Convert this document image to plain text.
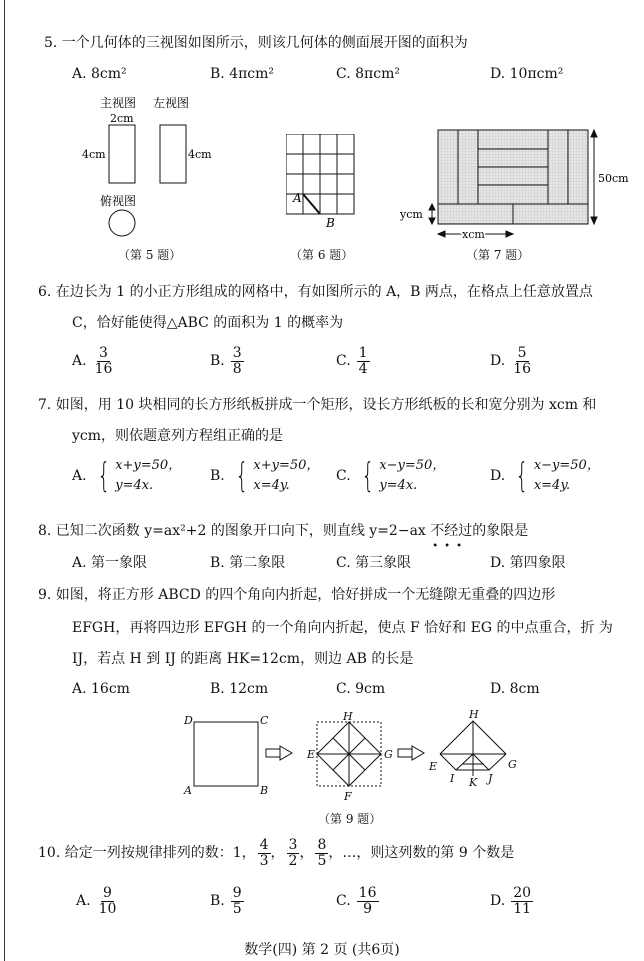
5. 一个几何体的三视图如图所示，则该几何体的侧面展开图的面积为
A. 8cm²	B. 4πcm²	C. 8πcm²	D. 10πcm²
主视图 左视图
2cm
4cm	4cm
俯视图
（第 5 题）
A
B
（第 6 题）
50cm
ycm
xcm
（第 7 题）
6. 在边长为 1 的小正方形组成的网格中，有如图所示的 A，B 两点，在格点上任意放置点
C，恰好能使得△ABC 的面积为 1 的概率为
A. $\frac{3}{16}$	B. $\frac{3}{8}$	C. $\frac{1}{4}$	D. $\frac{5}{16}$
7. 如图，用 10 块相同的长方形纸板拼成一个矩形，设长方形纸板的长和宽分别为 xcm 和
ycm，则依题意列方程组正确的是
A. { x+y=50，
y=4x.
B. { x+y=50，
x=4y.
C. { x−y=50，
y=4x.
D. { x−y=50，
x=4y.
8. 已知二次函数 y=ax²+2 的图象开口向下，则直线 y=2−ax 不经过
•••
的象限是
A. 第一象限	B. 第二象限	C. 第三象限	D. 第四象限
9. 如图，将正方形 ABCD 的四个角向内折起，恰好拼成一个无缝隙无重叠的四边形
EFGH，再将四边形 EFGH 的一个角向内折起，使点 F 恰好和 EG 的中点重合，折 为
IJ，若点 H 到 IJ 的距离 HK=12cm，则边 AB 的长是
A. 16cm	B. 12cm	C. 9cm	D. 8cm
D	C
A	B
H
E	G
F
H
E	G
I K J
（第 9 题）
10. 给定一列按规律排列的数：1， $\frac{4}{3}$ ， $\frac{3}{2}$ ， $\frac{8}{5}$ ，…，则这列数的第 9 个数是
A. $\frac{9}{10}$	B. $\frac{9}{5}$	C. $\frac{16}{9}$	D. $\frac{20}{11}$
数学(四) 第 2 页 (共6页)
